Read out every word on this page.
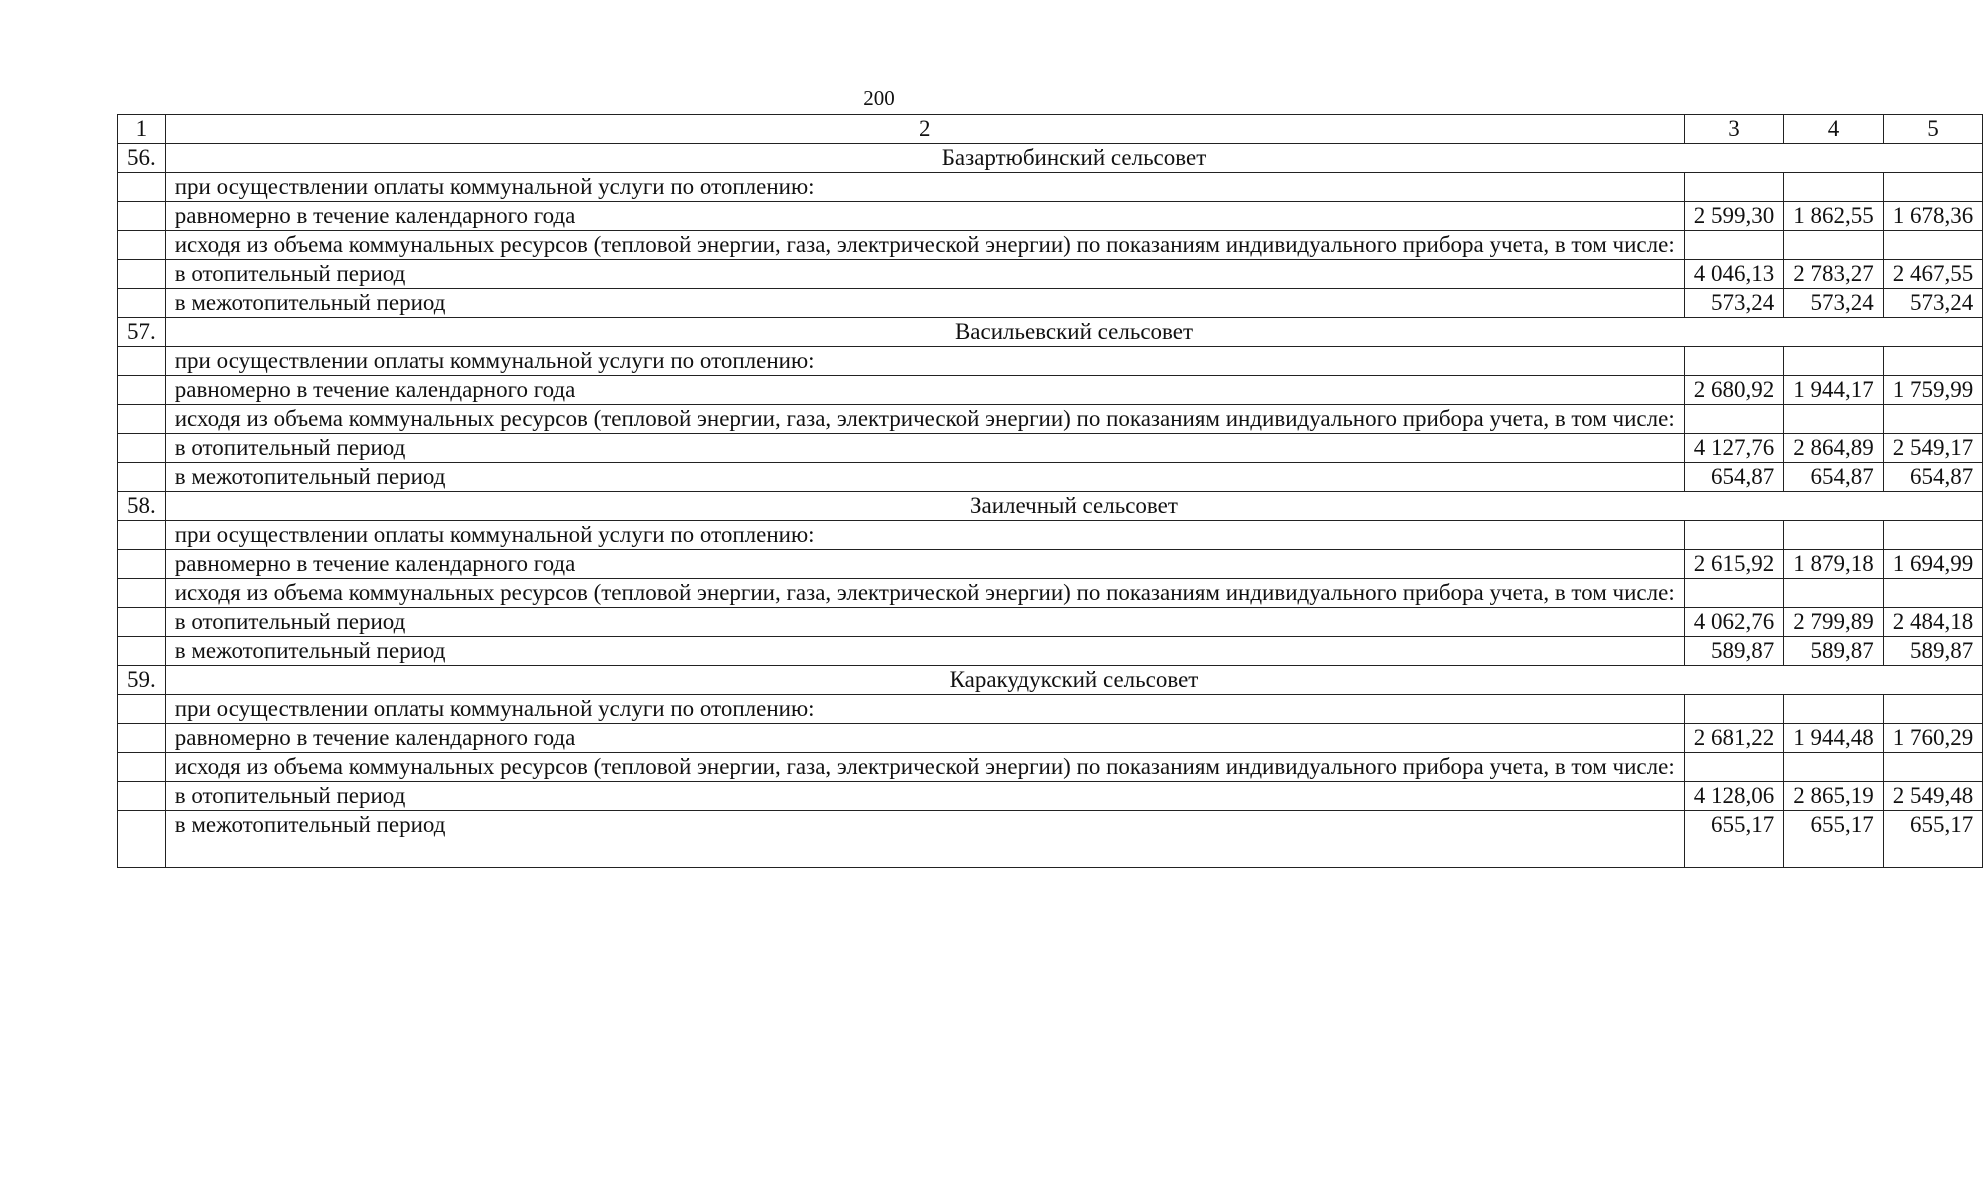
200
1	2	3	4	5
56.	Базартюбинский сельсовет			
	при осуществлении оплаты коммунальной услуги по отоплению:			
	равномерно в течение календарного года	2 599,30	1 862,55	1 678,36
	исходя из объема коммунальных ресурсов (тепловой энергии, газа, электрической энергии) по показаниям индивидуального прибора учета, в том числе:			
	в отопительный период	4 046,13	2 783,27	2 467,55
	в межотопительный период	573,24	573,24	573,24
57.	Васильевский сельсовет			
	при осуществлении оплаты коммунальной услуги по отоплению:			
	равномерно в течение календарного года	2 680,92	1 944,17	1 759,99
	исходя из объема коммунальных ресурсов (тепловой энергии, газа, электрической энергии) по показаниям индивидуального прибора учета, в том числе:			
	в отопительный период	4 127,76	2 864,89	2 549,17
	в межотопительный период	654,87	654,87	654,87
58.	Заилечный сельсовет			
	при осуществлении оплаты коммунальной услуги по отоплению:			
	равномерно в течение календарного года	2 615,92	1 879,18	1 694,99
	исходя из объема коммунальных ресурсов (тепловой энергии, газа, электрической энергии) по показаниям индивидуального прибора учета, в том числе:			
	в отопительный период	4 062,76	2 799,89	2 484,18
	в межотопительный период	589,87	589,87	589,87
59.	Каракудукский сельсовет			
	при осуществлении оплаты коммунальной услуги по отоплению:			
	равномерно в течение календарного года	2 681,22	1 944,48	1 760,29
	исходя из объема коммунальных ресурсов (тепловой энергии, газа, электрической энергии) по показаниям индивидуального прибора учета, в том числе:			
	в отопительный период	4 128,06	2 865,19	2 549,48
	в межотопительный период	655,17	655,17	655,17
